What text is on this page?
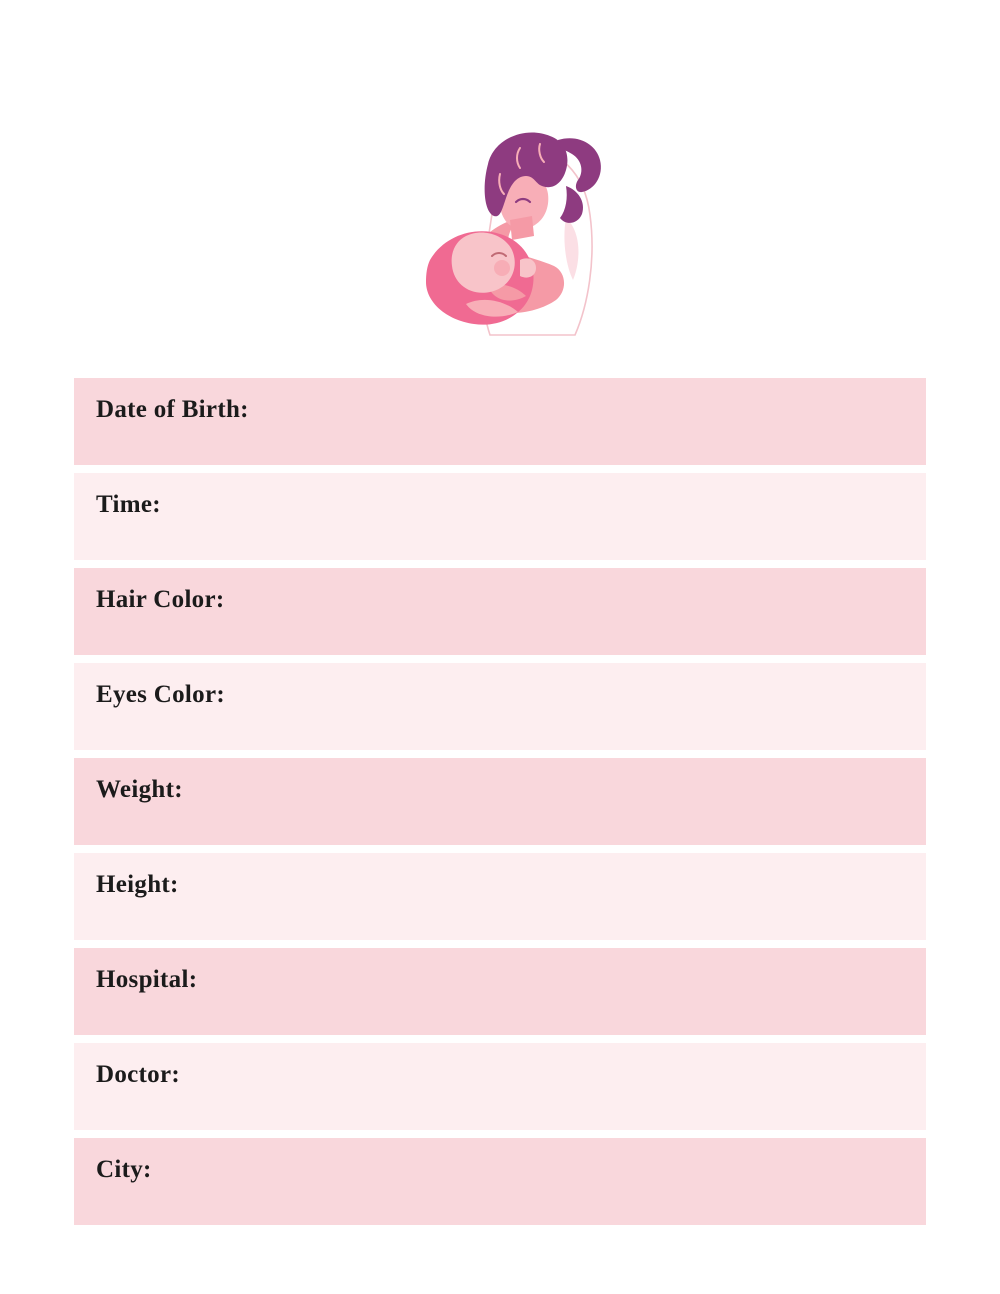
Date of Birth:
Time:
Hair Color:
Eyes Color:
Weight:
Height:
Hospital:
Doctor:
City:
